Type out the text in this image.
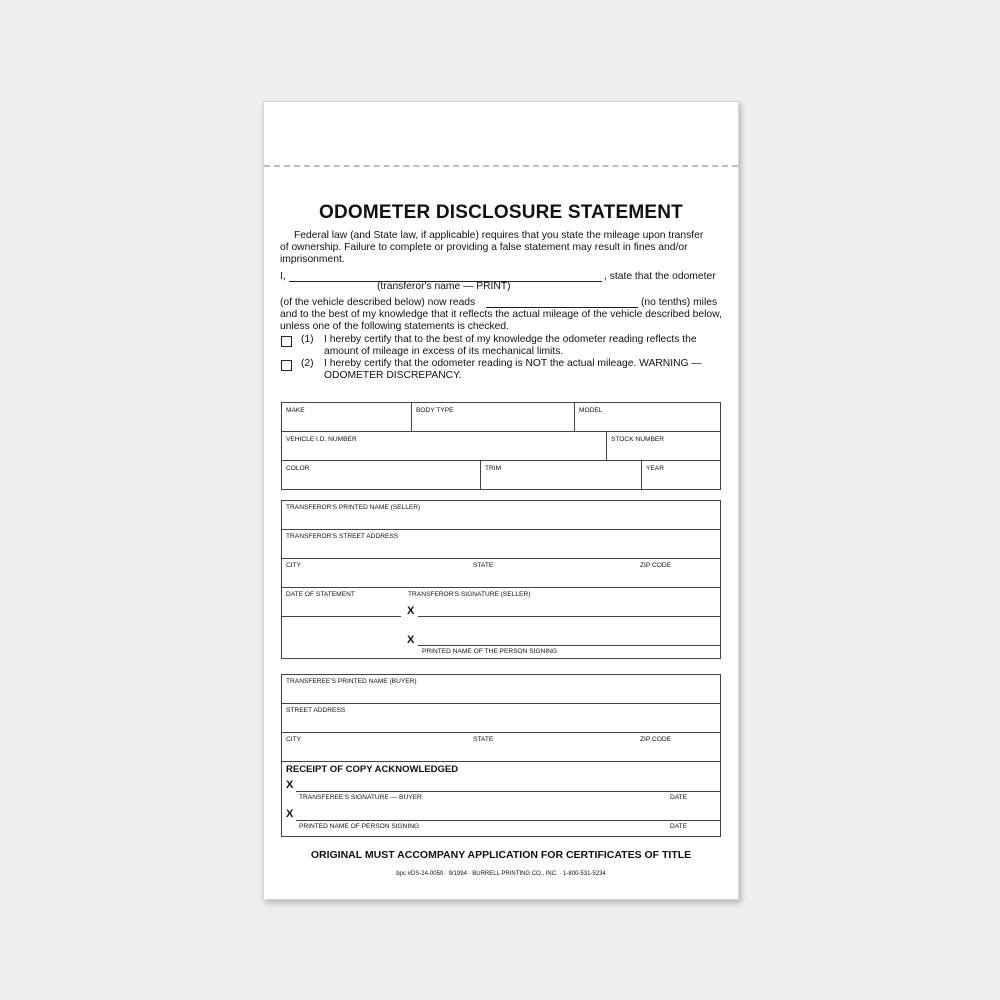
ODOMETER DISCLOSURE STATEMENT
Federal law (and State law, if applicable) requires that you state the mileage upon transfer
of ownership. Failure to complete or providing a false statement may result in fines and/or
imprisonment.
I,	, state that the odometer
(transferor's name — PRINT)
(of the vehicle described below) now reads	(no tenths) miles
and to the best of my knowledge that it reflects the actual mileage of the vehicle described below,
unless one of the following statements is checked.
(1) I hereby certify that to the best of my knowledge the odometer reading reflects the
amount of mileage in excess of its mechanical limits.
(2) I hereby certify that the odometer reading is NOT the actual mileage. WARNING —
ODOMETER DISCREPANCY.
MAKE	BODY TYPE	MODEL
VEHICLE I.D. NUMBER	STOCK NUMBER
COLOR	TRIM	YEAR
TRANSFEROR'S PRINTED NAME (SELLER)
TRANSFEROR'S STREET ADDRESS
CITY	STATE	ZIP CODE
DATE OF STATEMENT	TRANSFEROR'S SIGNATURE (SELLER)
X
X
PRINTED NAME OF THE PERSON SIGNING
TRANSFEREE'S PRINTED NAME (BUYER)
STREET ADDRESS
CITY	STATE	ZIP CODE
RECEIPT OF COPY ACKNOWLEDGED
X
TRANSFEREE'S SIGNATURE — BUYER	DATE
X
PRINTED NAME OF PERSON SIGNING	DATE
ORIGINAL MUST ACCOMPANY APPLICATION FOR CERTIFICATES OF TITLE
bpc #DS-24-0050 · 9/1994 · BURRELL PRINTING CO., INC. · 1-800-531-5234
